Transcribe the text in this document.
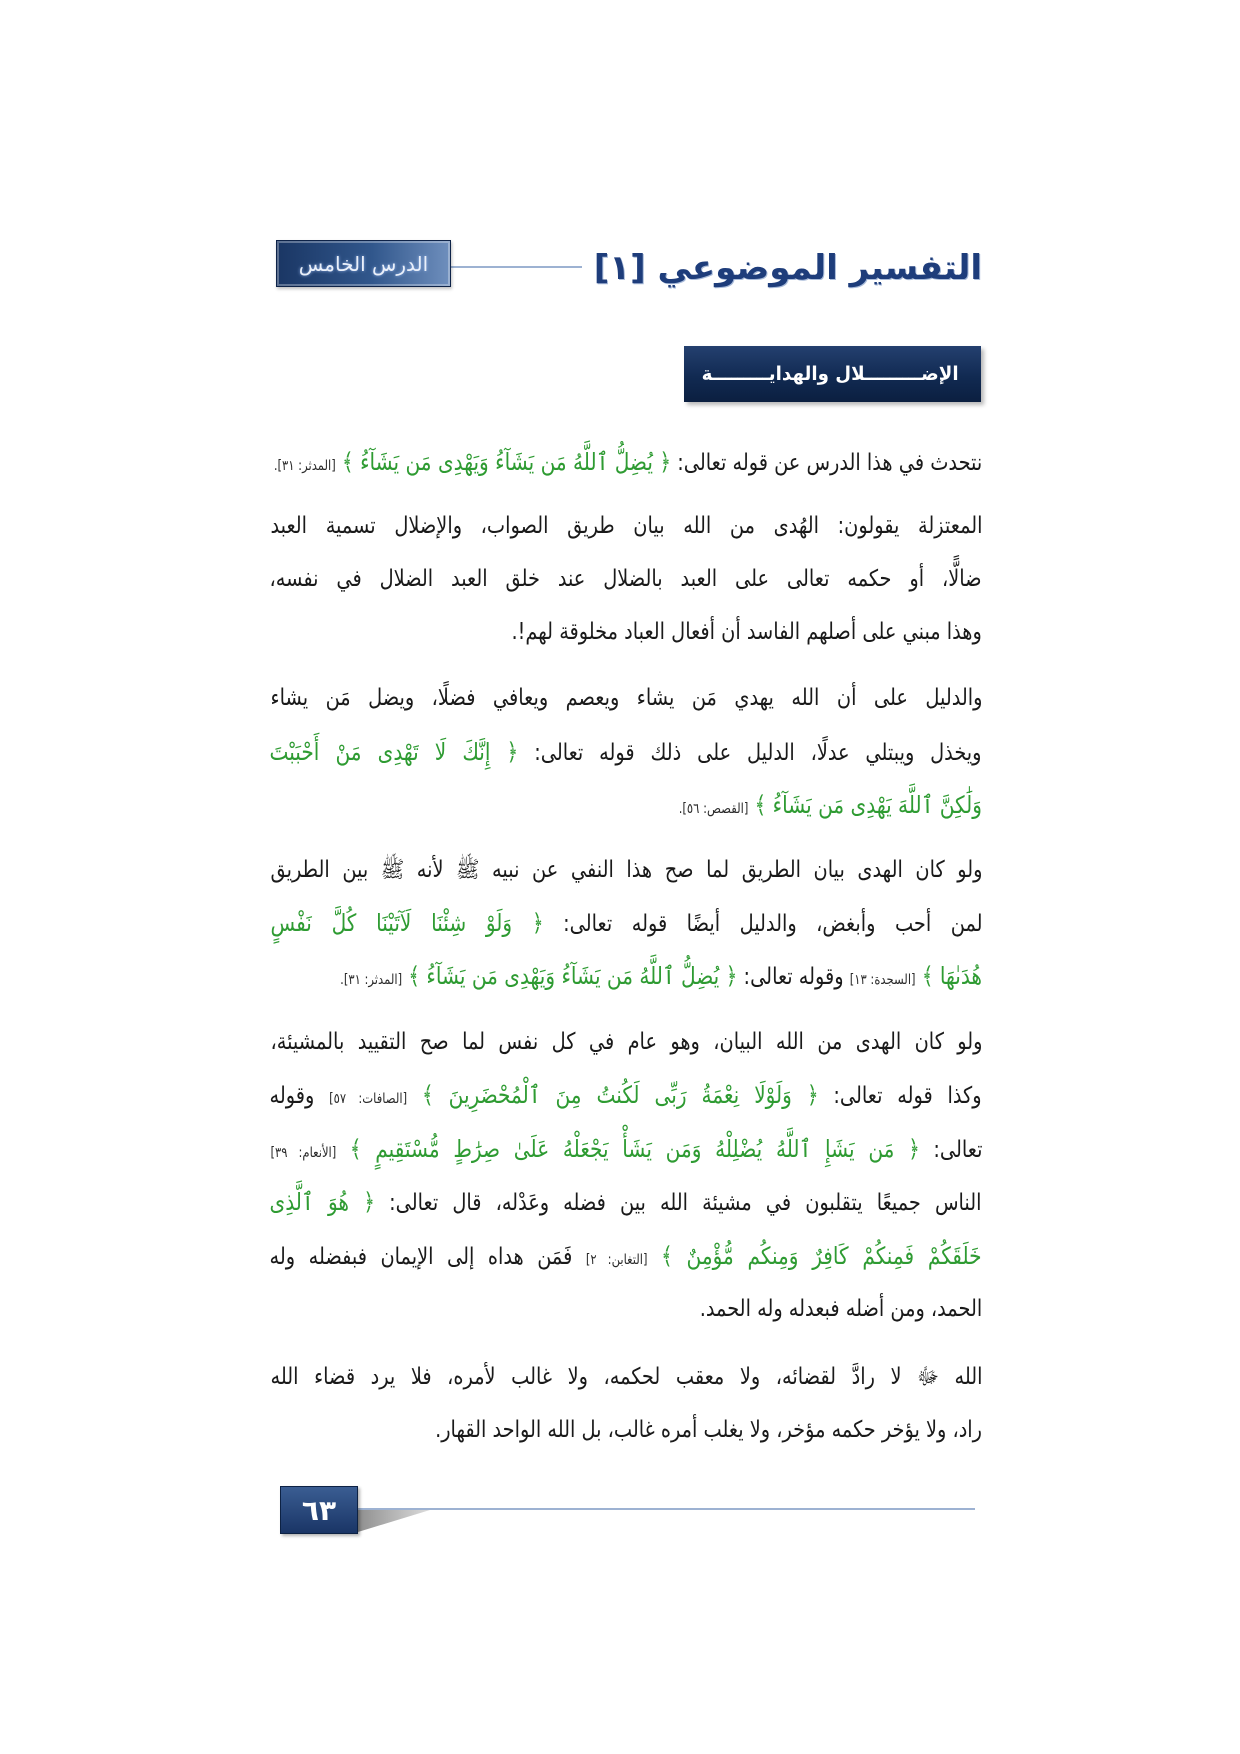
الدرس الخامس	التفسير الموضوعي [١]
الإضـــــــــلال والهدايـــــــــة
نتحدث في هذا الدرس عن قوله تعالى: ﴿ يُضِلُّ ٱللَّهُ مَن يَشَآءُ وَيَهْدِى مَن يَشَآءُ ﴾ [المدثر: ٣١].
المعتزلة يقولون: الهُدى من الله بيان طريق الصواب، والإضلال تسمية العبد
ضالًّا، أو حكمه تعالى على العبد بالضلال عند خلق العبد الضلال في نفسه،
وهذا مبني على أصلهم الفاسد أن أفعال العباد مخلوقة لهم!.
والدليل على أن الله يهدي مَن يشاء ويعصم ويعافي فضلًا، ويضل مَن يشاء
ويخذل ويبتلي عدلًا، الدليل على ذلك قوله تعالى: ﴿ إِنَّكَ لَا تَهْدِى مَنْ أَحْبَبْتَ
وَلَٰكِنَّ ٱللَّهَ يَهْدِى مَن يَشَآءُ ﴾ [القصص: ٥٦].
ولو كان الهدى بيان الطريق لما صح هذا النفي عن نبيه ﷺ لأنه ﷺ بين الطريق
لمن أحب وأبغض، والدليل أيضًا قوله تعالى: ﴿ وَلَوْ شِئْنَا لَآتَيْنَا كُلَّ نَفْسٍ
هُدَىٰهَا ﴾ [السجدة: ١٣] وقوله تعالى: ﴿ يُضِلُّ ٱللَّهُ مَن يَشَآءُ وَيَهْدِى مَن يَشَآءُ ﴾ [المدثر: ٣١].
ولو كان الهدى من الله البيان، وهو عام في كل نفس لما صح التقييد بالمشيئة،
وكذا قوله تعالى: ﴿ وَلَوْلَا نِعْمَةُ رَبِّى لَكُنتُ مِنَ ٱلْمُحْضَرِينَ ﴾ [الصافات: ٥٧] وقوله
تعالى: ﴿ مَن يَشَإِ ٱللَّهُ يُضْلِلْهُ وَمَن يَشَأْ يَجْعَلْهُ عَلَىٰ صِرَٰطٍ مُّسْتَقِيمٍ ﴾ [الأنعام: ٣٩]
الناس جميعًا يتقلبون في مشيئة الله بين فضله وعَدْله، قال تعالى: ﴿ هُوَ ٱلَّذِى
خَلَقَكُمْ فَمِنكُمْ كَافِرٌ وَمِنكُم مُّؤْمِنٌ ﴾ [التغابن: ٢] فَمَن هداه إلى الإيمان فبفضله وله
الحمد، ومن أضله فبعدله وله الحمد.
الله ﷻ لا رادَّ لقضائه، ولا معقب لحكمه، ولا غالب لأمره، فلا يرد قضاء الله
راد، ولا يؤخر حكمه مؤخر، ولا يغلب أمره غالب، بل الله الواحد القهار.
٦٣
